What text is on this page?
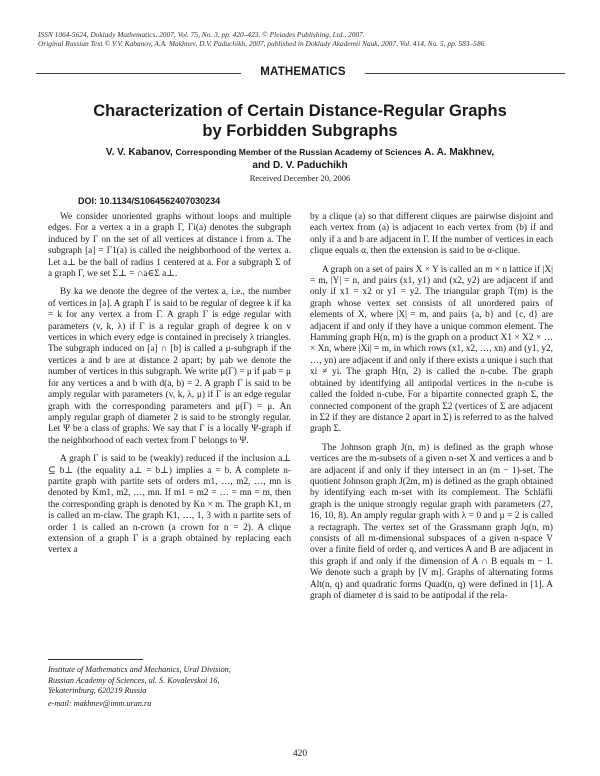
ISSN 1064-5624, Doklady Mathematics, 2007, Vol. 75, No. 3, pp. 420–423. © Pleiades Publishing, Ltd., 2007.
Original Russian Text © V.V. Kabanov, A.A. Makhnev, D.V. Paduchikh, 2007, published in Doklady Akademii Nauk, 2007, Vol. 414, No. 5, pp. 583–586.
MATHEMATICS
Characterization of Certain Distance-Regular Graphs
by Forbidden Subgraphs
V. V. Kabanov, Corresponding Member of the Russian Academy of Sciences A. A. Makhnev,
and D. V. Paduchikh
Received December 20, 2006
DOI: 10.1134/S1064562407030234

We consider unoriented graphs without loops and multiple edges. For a vertex a in a graph Γ, Γi(a) denotes the subgraph induced by Γ on the set of all vertices at distance i from a. The subgraph [a] = Γ1(a) is called the neighborhood of the vertex a. Let a⊥ be the ball of radius 1 centered at a. For a subgraph Σ of a graph Γ, we set Σ⊥ = ∩a∈Σ a⊥.

By ka we denote the degree of the vertex a, i.e., the number of vertices in [a]. A graph Γ is said to be regular of degree k if ka = k for any vertex a from Γ. A graph Γ is edge regular with parameters (v, k, λ) if Γ is a regular graph of degree k on v vertices in which every edge is contained in precisely λ triangles. The subgraph induced on [a] ∩ [b] is called a μ-subgraph if the vertices a and b are at distance 2 apart; by μab we denote the number of vertices in this subgraph. We write μ(Γ) = μ if μab = μ for any vertices a and b with d(a, b) = 2. A graph Γ is said to be amply regular with parameters (v, k, λ, μ) if Γ is an edge regular graph with the corresponding parameters and μ(Γ) = μ. An amply regular graph of diameter 2 is said to be strongly regular. Let Ψ be a class of graphs. We say that Γ is a locally Ψ-graph if the neighborhood of each vertex from Γ belongs to Ψ.

A graph Γ is said to be (weakly) reduced if the inclusion a⊥ ⊆ b⊥ (the equality a⊥ = b⊥) implies a = b. A complete n-partite graph with partite sets of orders m1, …, m2, …, mn is denoted by Km1, m2, …, mn. If m1 = m2 = … = mn = m, then the corresponding graph is denoted by Kn × m. The graph K1, m is called an m-claw. The graph K1, …, 1, 3 with n partite sets of order 1 is called an n-crown (a crown for n = 2). A clique extension of a graph Γ is a graph obtained by replacing each vertex a

by a clique (a) so that different cliques are pairwise disjoint and each vertex from (a) is adjacent to each vertex from (b) if and only if a and b are adjacent in Γ. If the number of vertices in each clique equals α, then the extension is said to be α-clique.

A graph on a set of pairs X × Y is called an m × n lattice if |X| = m, |Y| = n, and pairs (x1, y1) and (x2, y2) are adjacent if and only if x1 = x2 or y1 = y2. The triangular graph T(m) is the graph whose vertex set consists of all unordered pairs of elements of X, where |X| = m, and pairs {a, b} and {c, d} are adjacent if and only if they have a unique common element. The Hamming graph H(n, m) is the graph on a product X1 × X2 × … × Xn, where |Xi| = m, in which rows (x1, x2, …, xn) and (y1, y2, …, yn) are adjacent if and only if there exists a unique i such that xi ≠ yi. The graph H(n, 2) is called the n-cube. The graph obtained by identifying all antipodal vertices in the n-cube is called the folded n-cube. For a bipartite connected graph Σ, the connected component of the graph Σ2 (vertices of Σ are adjacent in Σ2 if they are distance 2 apart in Σ) is referred to as the halved graph Σ.

The Johnson graph J(n, m) is defined as the graph whose vertices are the m-subsets of a given n-set X and vertices a and b are adjacent if and only if they intersect in an (m − 1)-set. The quotient Johnson graph J(2m, m) is defined as the graph obtained by identifying each m-set with its complement. The Schläfli graph is the unique strongly regular graph with parameters (27, 16, 10, 8). An amply regular graph with λ = 0 and μ = 2 is called a rectagraph. The vertex set of the Grassmann graph Jq(n, m) consists of all m-dimensional subspaces of a given n-space V over a finite field of order q, and vertices A and B are adjacent in this graph if and only if the dimension of A ∩ B equals m − 1. We denote such a graph by [V m]. Graphs of alternating forms Alt(n, q) and quadratic forms Quad(n, q) were defined in [1]. A graph of diameter d is said to be antipodal if the rela-

Institute of Mathematics and Mechanics, Ural Division,
Russian Academy of Sciences, ul. S. Kovalevskoi 16,
Yekaterinburg, 620219 Russia
e-mail: makhnev@imm.uran.ru
420
